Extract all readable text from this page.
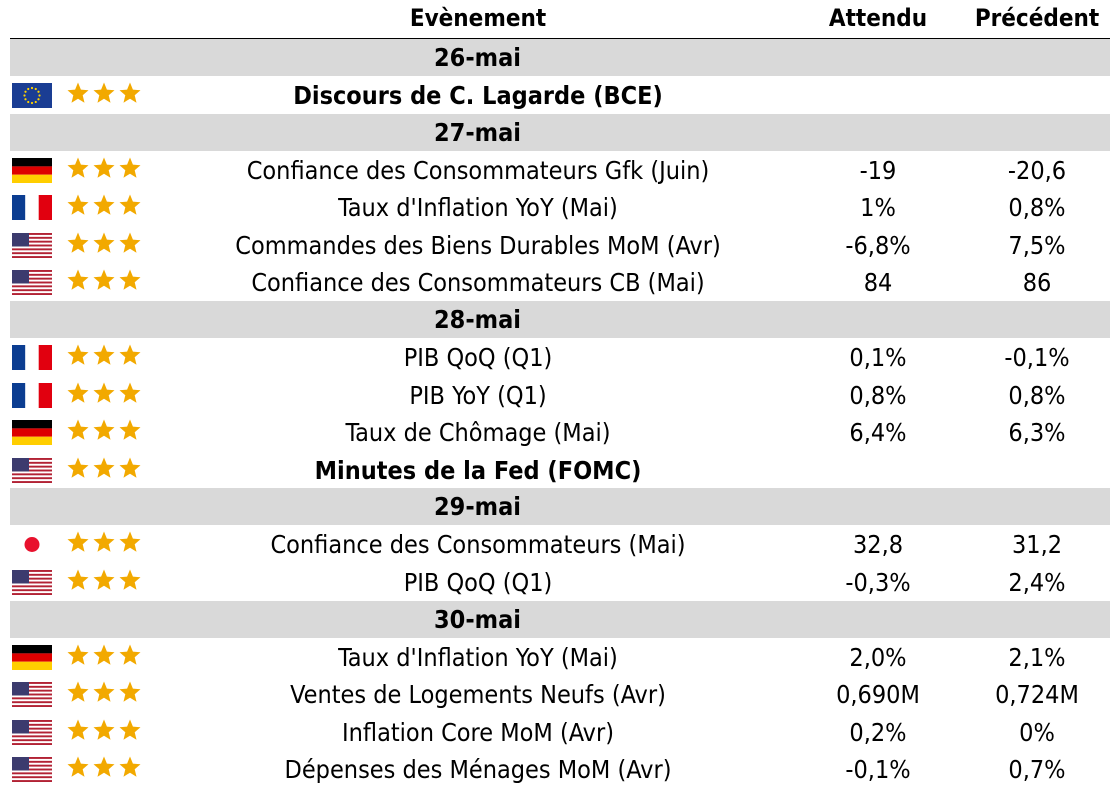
Evènement	Attendu	Précédent
26-mai
Discours de C. Lagarde (BCE)
27-mai
Confiance des Consommateurs Gfk (Juin)	-19	-20,6
Taux d'Inflation YoY (Mai)	1%	0,8%
Commandes des Biens Durables MoM (Avr)	-6,8%	7,5%
Confiance des Consommateurs CB (Mai)	84	86
28-mai
PIB QoQ (Q1)	0,1%	-0,1%
PIB YoY (Q1)	0,8%	0,8%
Taux de Chômage (Mai)	6,4%	6,3%
Minutes de la Fed (FOMC)
29-mai
Confiance des Consommateurs (Mai)	32,8	31,2
PIB QoQ (Q1)	-0,3%	2,4%
30-mai
Taux d'Inflation YoY (Mai)	2,0%	2,1%
Ventes de Logements Neufs (Avr)	0,690M	0,724M
Inflation Core MoM (Avr)	0,2%	0%
Dépenses des Ménages MoM (Avr)	-0,1%	0,7%
